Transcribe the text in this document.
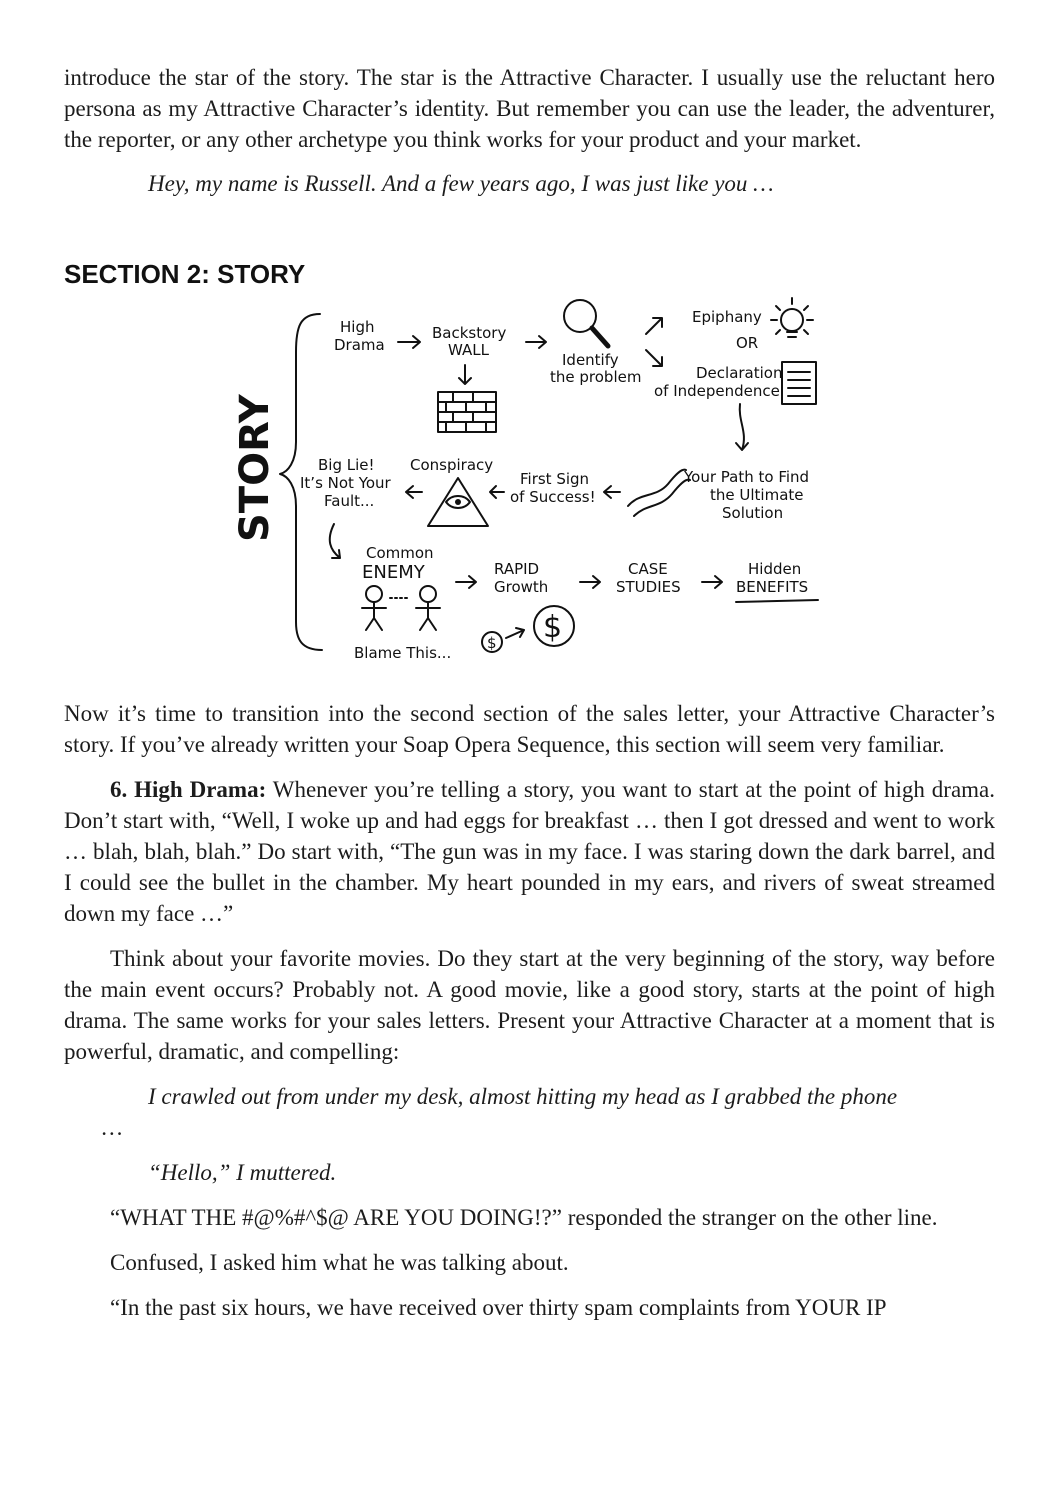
introduce the star of the story. The star is the Attractive Character. I usually use the reluctant hero persona as my Attractive Character’s identity. But remember you can use the leader, the adventurer, the reporter, or any other archetype you think works for your product and your market.

Hey, my name is Russell. And a few years ago, I was just like you …

SECTION 2: STORY
STORY
High
Drama
Backstory
WALL
Identify
the problem
Epiphany
OR
Declaration
of Independence
Your Path to Find
the Ultimate
Solution
First Sign
of Success!
Conspiracy
Big Lie!
It’s Not Your
Fault...
Common
ENEMY
Blame This...
RAPID
Growth
CASE
STUDIES
Hidden
BENEFITS
$ $

Now it’s time to transition into the second section of the sales letter, your Attractive Character’s story. If you’ve already written your Soap Opera Sequence, this section will seem very familiar.

6. High Drama: Whenever you’re telling a story, you want to start at the point of high drama. Don’t start with, “Well, I woke up and had eggs for breakfast … then I got dressed and went to work … blah, blah, blah.” Do start with, “The gun was in my face. I was staring down the dark barrel, and I could see the bullet in the chamber. My heart pounded in my ears, and rivers of sweat streamed down my face …”

Think about your favorite movies. Do they start at the very beginning of the story, way before the main event occurs? Probably not. A good movie, like a good story, starts at the point of high drama. The same works for your sales letters. Present your Attractive Character at a moment that is powerful, dramatic, and compelling:

I crawled out from under my desk, almost hitting my head as I grabbed the phone

…

“Hello,” I muttered.

“WHAT THE #@%#^$@ ARE YOU DOING!?” responded the stranger on the other line.

Confused, I asked him what he was talking about.

“In the past six hours, we have received over thirty spam complaints from YOUR IP
